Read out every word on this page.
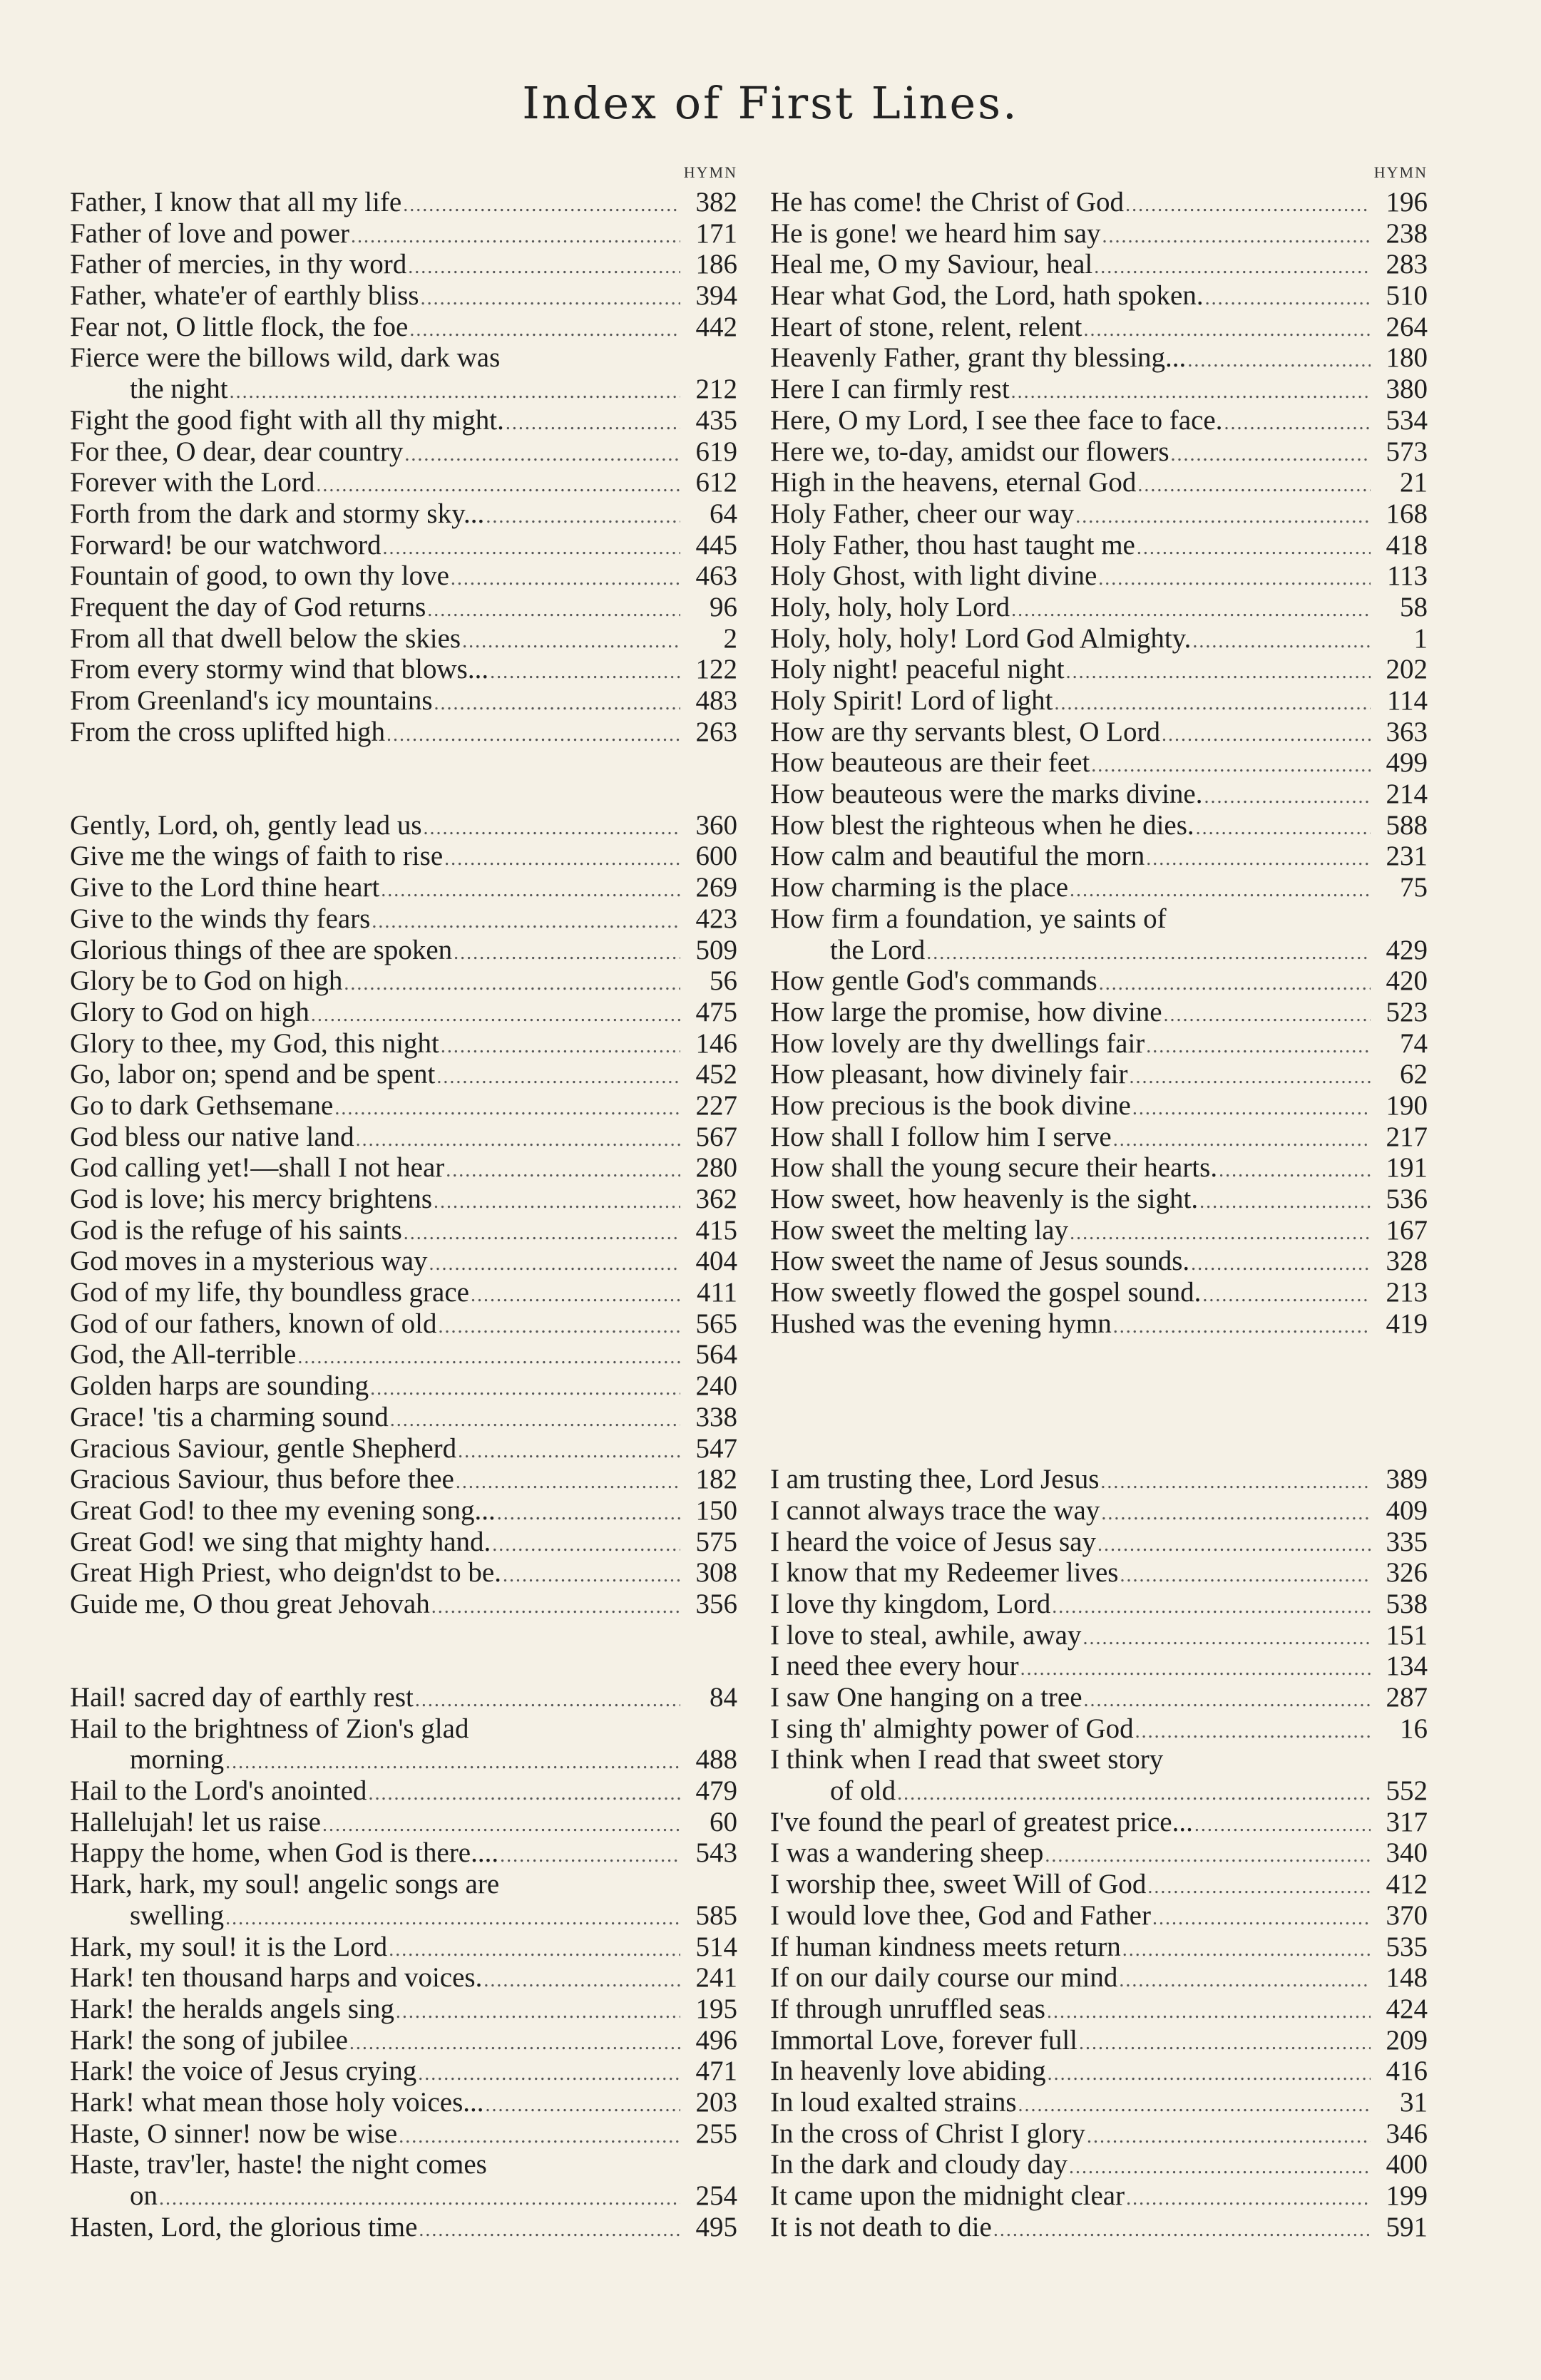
Index of First Lines.
HYMN
Father, I know that all my life .....	382
Father of love and power .....	171
Father of mercies, in thy word .....	186
Father, whate'er of earthly bliss .....	394
Fear not, O little flock, the foe .....	442
Fierce were the billows wild, dark was
the night .....	212
Fight the good fight with all thy might. .....	435
For thee, O dear, dear country .....	619
Forever with the Lord .....	612
Forth from the dark and stormy sky... .....	64
Forward! be our watchword .....	445
Fountain of good, to own thy love .....	463
Frequent the day of God returns .....	96
From all that dwell below the skies .....	2
From every stormy wind that blows... .....	122
From Greenland's icy mountains .....	483
From the cross uplifted high .....	263
Gently, Lord, oh, gently lead us .....	360
Give me the wings of faith to rise .....	600
Give to the Lord thine heart .....	269
Give to the winds thy fears .....	423
Glorious things of thee are spoken .....	509
Glory be to God on high .....	56
Glory to God on high .....	475
Glory to thee, my God, this night .....	146
Go, labor on; spend and be spent .....	452
Go to dark Gethsemane .....	227
God bless our native land .....	567
God calling yet!—shall I not hear .....	280
God is love; his mercy brightens .....	362
God is the refuge of his saints .....	415
God moves in a mysterious way .....	404
God of my life, thy boundless grace .....	411
God of our fathers, known of old .....	565
God, the All-terrible .....	564
Golden harps are sounding .....	240
Grace! 'tis a charming sound .....	338
Gracious Saviour, gentle Shepherd .....	547
Gracious Saviour, thus before thee .....	182
Great God! to thee my evening song... .....	150
Great God! we sing that mighty hand. .....	575
Great High Priest, who deign'dst to be. .....	308
Guide me, O thou great Jehovah .....	356
Hail! sacred day of earthly rest .....	84
Hail to the brightness of Zion's glad
morning .....	488
Hail to the Lord's anointed .....	479
Hallelujah! let us raise .....	60
Happy the home, when God is there.... .....	543
Hark, hark, my soul! angelic songs are
swelling .....	585
Hark, my soul! it is the Lord .....	514
Hark! ten thousand harps and voices. .....	241
Hark! the heralds angels sing .....	195
Hark! the song of jubilee .....	496
Hark! the voice of Jesus crying .....	471
Hark! what mean those holy voices... .....	203
Haste, O sinner! now be wise .....	255
Haste, trav'ler, haste! the night comes
on .....	254
Hasten, Lord, the glorious time .....	495
HYMN
He has come! the Christ of God .....	196
He is gone! we heard him say .....	238
Heal me, O my Saviour, heal .....	283
Hear what God, the Lord, hath spoken. .....	510
Heart of stone, relent, relent .....	264
Heavenly Father, grant thy blessing... .....	180
Here I can firmly rest .....	380
Here, O my Lord, I see thee face to face. .....	534
Here we, to-day, amidst our flowers .....	573
High in the heavens, eternal God .....	21
Holy Father, cheer our way .....	168
Holy Father, thou hast taught me .....	418
Holy Ghost, with light divine .....	113
Holy, holy, holy Lord .....	58
Holy, holy, holy! Lord God Almighty. .....	1
Holy night! peaceful night .....	202
Holy Spirit! Lord of light .....	114
How are thy servants blest, O Lord .....	363
How beauteous are their feet .....	499
How beauteous were the marks divine. .....	214
How blest the righteous when he dies. .....	588
How calm and beautiful the morn .....	231
How charming is the place .....	75
How firm a foundation, ye saints of
the Lord .....	429
How gentle God's commands .....	420
How large the promise, how divine .....	523
How lovely are thy dwellings fair .....	74
How pleasant, how divinely fair .....	62
How precious is the book divine .....	190
How shall I follow him I serve .....	217
How shall the young secure their hearts. .....	191
How sweet, how heavenly is the sight. .....	536
How sweet the melting lay .....	167
How sweet the name of Jesus sounds. .....	328
How sweetly flowed the gospel sound. .....	213
Hushed was the evening hymn .....	419
I am trusting thee, Lord Jesus .....	389
I cannot always trace the way .....	409
I heard the voice of Jesus say .....	335
I know that my Redeemer lives .....	326
I love thy kingdom, Lord .....	538
I love to steal, awhile, away .....	151
I need thee every hour .....	134
I saw One hanging on a tree .....	287
I sing th' almighty power of God .....	16
I think when I read that sweet story
of old .....	552
I've found the pearl of greatest price... .....	317
I was a wandering sheep .....	340
I worship thee, sweet Will of God .....	412
I would love thee, God and Father .....	370
If human kindness meets return .....	535
If on our daily course our mind .....	148
If through unruffled seas .....	424
Immortal Love, forever full .....	209
In heavenly love abiding .....	416
In loud exalted strains .....	31
In the cross of Christ I glory .....	346
In the dark and cloudy day .....	400
It came upon the midnight clear .....	199
It is not death to die .....	591
